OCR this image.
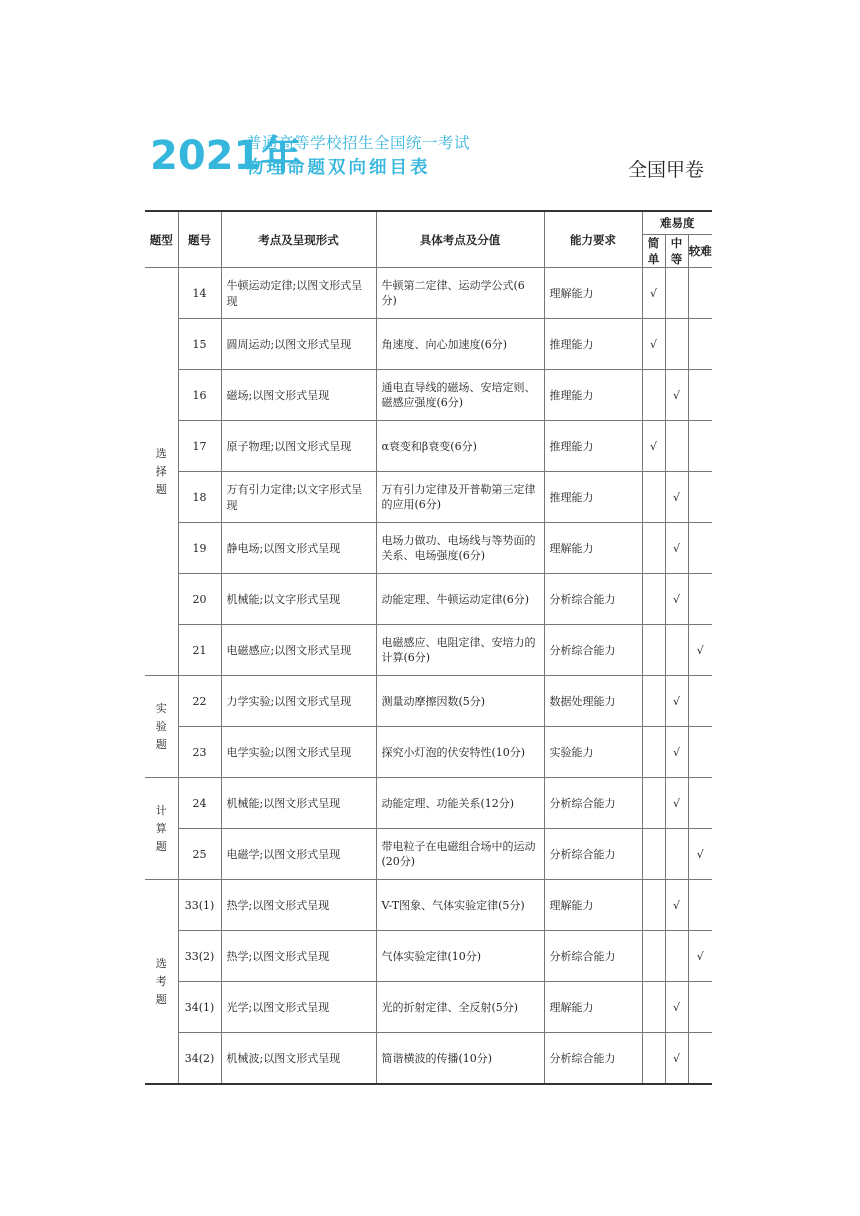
2021年
普通高等学校招生全国统一考试
物理命题双向细目表	全国甲卷
题型	题号	考点及呈现形式	具体考点及分值	能力要求	难易度		
					简单	中等	较难
选择题	14	牛顿运动定律;以图文形式呈现	牛顿第二定律、运动学公式(6分)	理解能力	√		
	15	圆周运动;以图文形式呈现	角速度、向心加速度(6分)	推理能力	√		
	16	磁场;以图文形式呈现	通电直导线的磁场、安培定则、磁感应强度(6分)	推理能力		√	
	17	原子物理;以图文形式呈现	α衰变和β衰变(6分)	推理能力	√		
	18	万有引力定律;以文字形式呈现	万有引力定律及开普勒第三定律的应用(6分)	推理能力		√	
	19	静电场;以图文形式呈现	电场力做功、电场线与等势面的关系、电场强度(6分)	理解能力		√	
	20	机械能;以文字形式呈现	动能定理、牛顿运动定律(6分)	分析综合能力		√	
	21	电磁感应;以图文形式呈现	电磁感应、电阻定律、安培力的计算(6分)	分析综合能力			√
实验题	22	力学实验;以图文形式呈现	测量动摩擦因数(5分)	数据处理能力		√	
	23	电学实验;以图文形式呈现	探究小灯泡的伏安特性(10分)	实验能力		√	
计算题	24	机械能;以图文形式呈现	动能定理、功能关系(12分)	分析综合能力		√	
	25	电磁学;以图文形式呈现	带电粒子在电磁组合场中的运动(20分)	分析综合能力			√
选考题	33(1)	热学;以图文形式呈现	V-T图象、气体实验定律(5分)	理解能力		√	
	33(2)	热学;以图文形式呈现	气体实验定律(10分)	分析综合能力			√
	34(1)	光学;以图文形式呈现	光的折射定律、全反射(5分)	理解能力		√	
	34(2)	机械波;以图文形式呈现	简谐横波的传播(10分)	分析综合能力		√	
